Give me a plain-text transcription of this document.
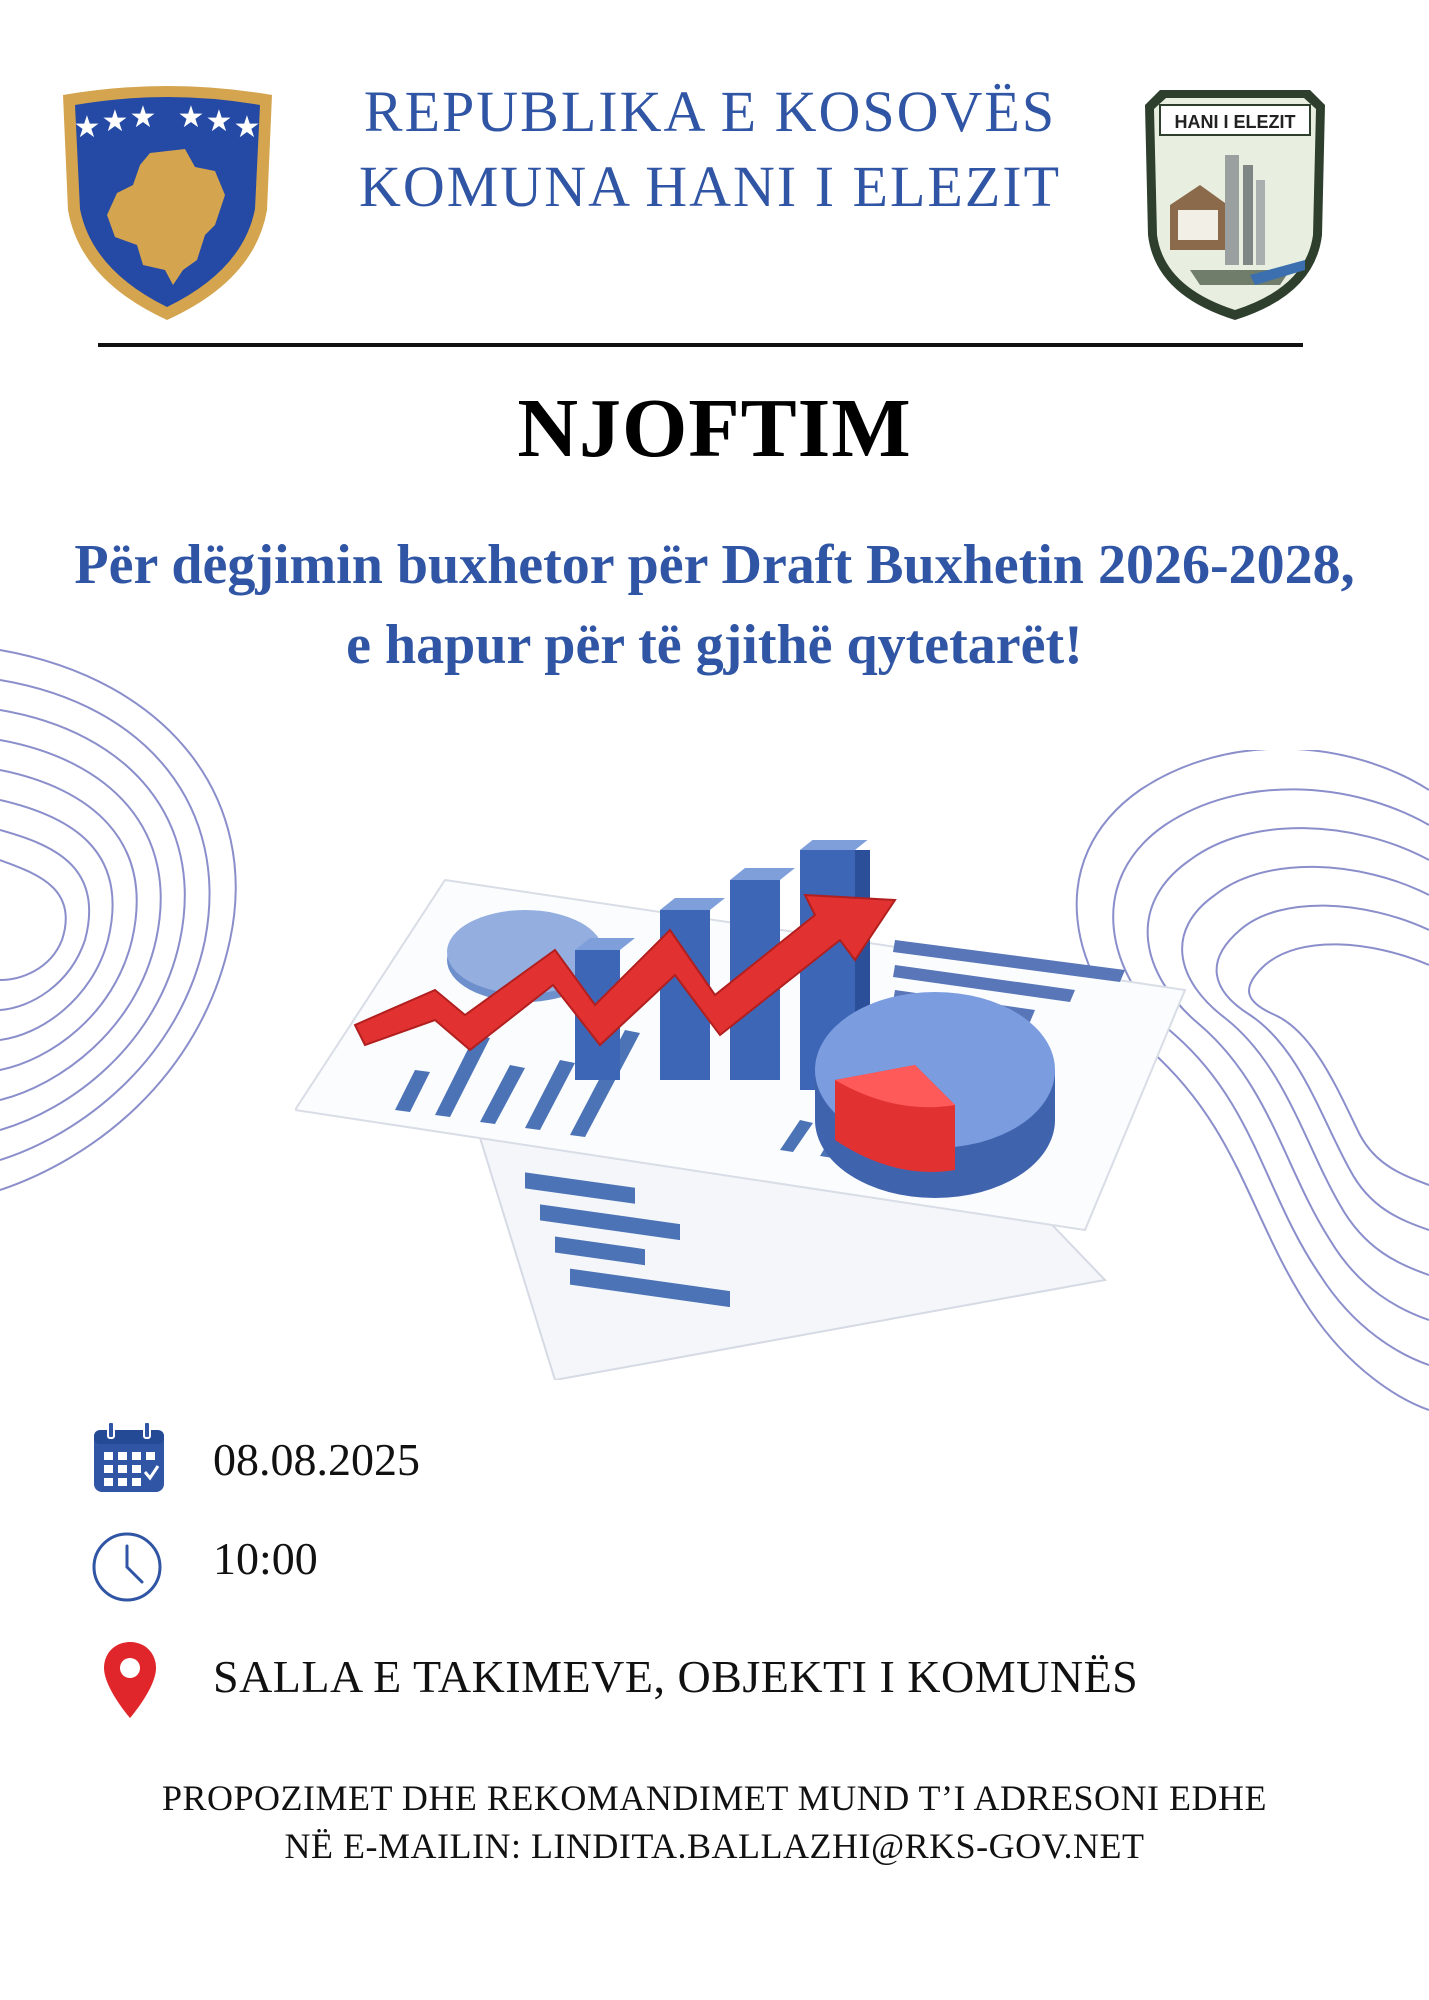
★ ★ ★ ★ ★ ★	REPUBLIKA E KOSOVËS
KOMUNA HANI I ELEZIT
HANI I ELEZIT
NJOFTIM
Për dëgjimin buxhetor për Draft Buxhetin 2026-2028,
e hapur për të gjithë qytetarët!
08.08.2025
10:00
SALLA E TAKIMEVE, OBJEKTI I KOMUNËS
PROPOZIMET DHE REKOMANDIMET MUND T’I ADRESONI EDHE
NË E-MAILIN: LINDITA.BALLAZHI@RKS-GOV.NET
